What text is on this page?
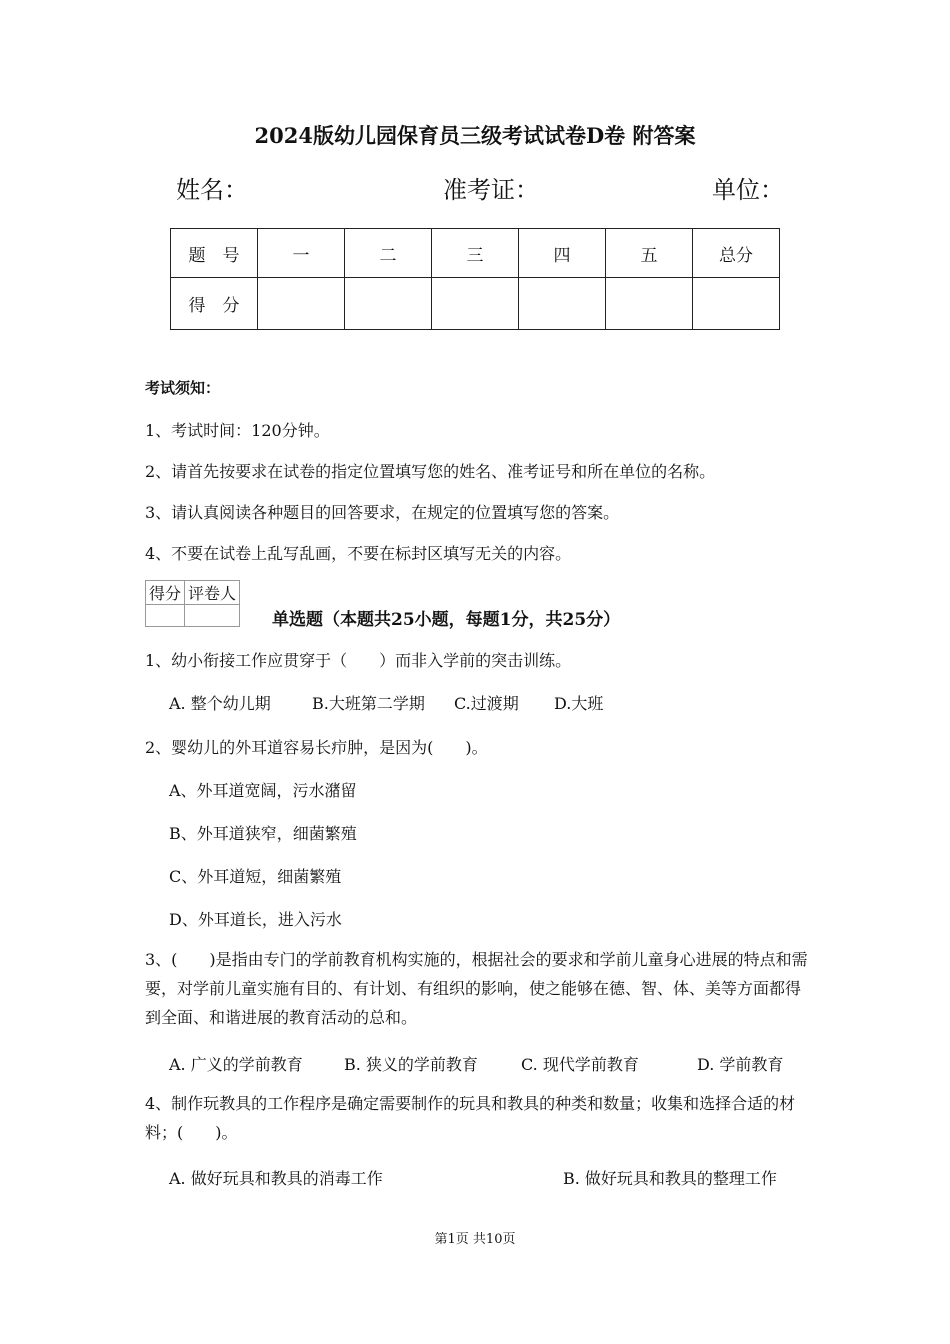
2024版幼儿园保育员三级考试试卷D卷 附答案
姓名：	准考证：	单位：
题　号	一	二	三	四	五	总分
得　分						
考试须知：
1、考试时间：120分钟。
2、请首先按要求在试卷的指定位置填写您的姓名、准考证号和所在单位的名称。
3、请认真阅读各种题目的回答要求，在规定的位置填写您的答案。
4、不要在试卷上乱写乱画，不要在标封区填写无关的内容。
得分	评卷人

单选题（本题共25小题，每题1分，共25分）
1、幼小衔接工作应贯穿于（　　）而非入学前的突击训练。
A. 整个幼儿期	B.大班第二学期 C.过渡期 D.大班
2、婴幼儿的外耳道容易长疖肿，是因为(　　)。
A、外耳道宽阔，污水潴留
B、外耳道狭窄，细菌繁殖
C、外耳道短，细菌繁殖
D、外耳道长，进入污水
3、(　　)是指由专门的学前教育机构实施的，根据社会的要求和学前儿童身心进展的特点和需要，对学前儿童实施有目的、有计划、有组织的影响，使之能够在德、智、体、美等方面都得到全面、和谐进展的教育活动的总和。
A. 广义的学前教育	B. 狭义的学前教育	C. 现代学前教育	D. 学前教育
4、制作玩教具的工作程序是确定需要制作的玩具和教具的种类和数量；收集和选择合适的材料；(　　)。
A. 做好玩具和教具的消毒工作	B. 做好玩具和教具的整理工作
第1页 共10页
